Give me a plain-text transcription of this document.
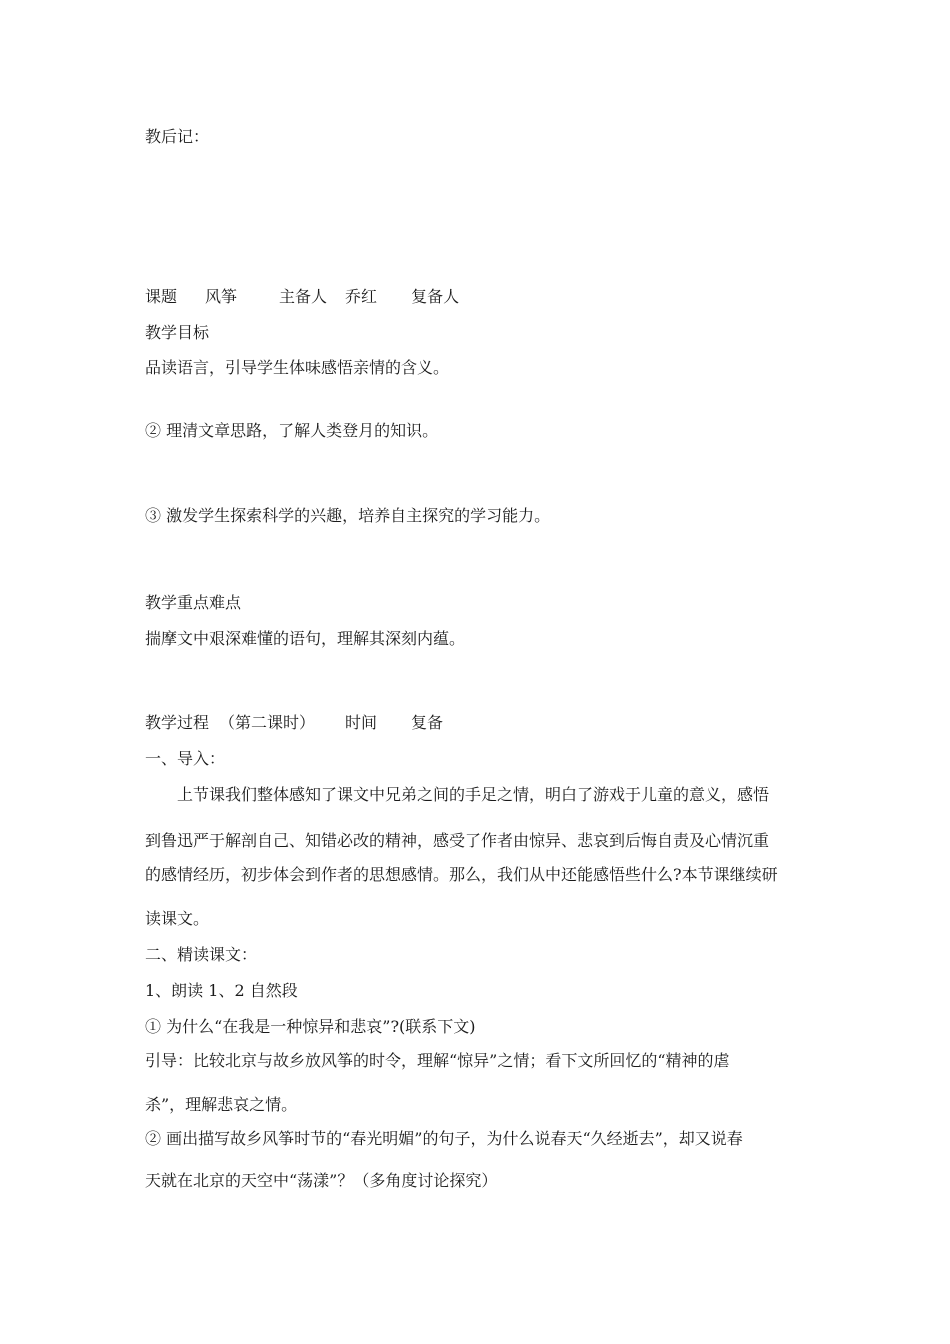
教后记：
课题 风筝	主备人 乔红 复备人
教学目标
品读语言，引导学生体味感悟亲情的含义。
② 理清文章思路，了解人类登月的知识。
③ 激发学生探索科学的兴趣，培养自主探究的学习能力。
教学重点难点
揣摩文中艰深难懂的语句，理解其深刻内蕴。
教学过程 （第二课时） 时间 复备
一、导入：
上节课我们整体感知了课文中兄弟之间的手足之情，明白了游戏于儿童的意义，感悟
到鲁迅严于解剖自己、知错必改的精神，感受了作者由惊异、悲哀到后悔自责及心情沉重
的感情经历，初步体会到作者的思想感情。那么，我们从中还能感悟些什么?本节课继续研
读课文。
二、精读课文：
1、朗读 1、2 自然段
① 为什么“在我是一种惊异和悲哀”?(联系下文)
引导：比较北京与故乡放风筝的时令，理解“惊异”之情；看下文所回忆的“精神的虐
杀”，理解悲哀之情。
② 画出描写故乡风筝时节的“春光明媚”的句子，为什么说春天“久经逝去”，却又说春
天就在北京的天空中“荡漾”？（多角度讨论探究）
